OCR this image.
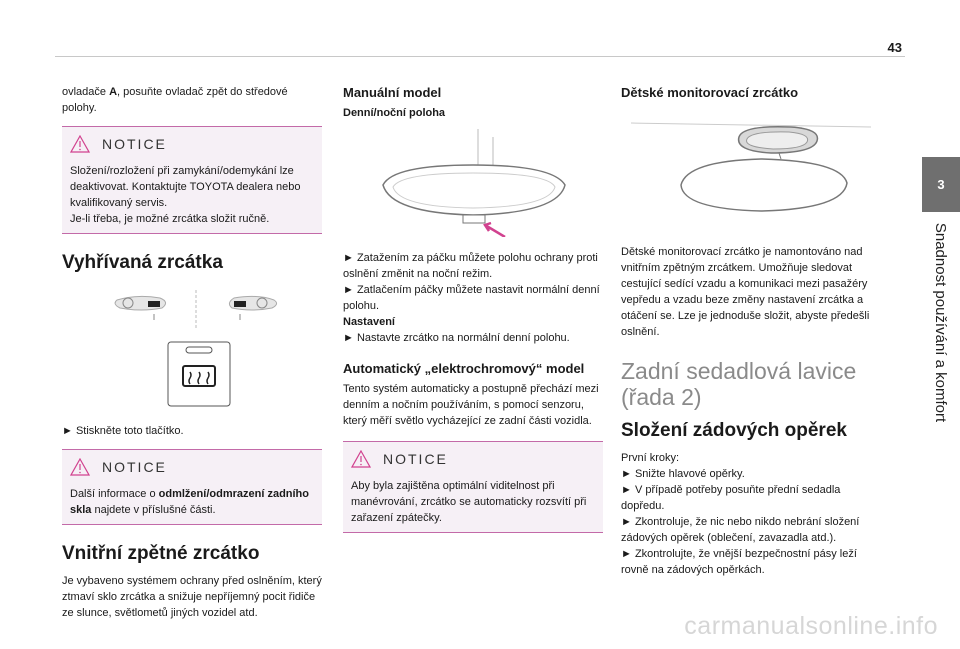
43
3
Snadnost používání a komfort

ovladače A, posuňte ovladač zpět do středové polohy.

NOTICE
Složení/rozložení při zamykání/odemykání lze deaktivovat. Kontaktujte TOYOTA dealera nebo kvalifikovaný servis.
Je-li třeba, je možné zrcátka složit ručně.
Vyhřívaná zrcátka

► Stiskněte toto tlačítko.

NOTICE
Další informace o odmlžení/odmrazení zadního skla najdete v příslušné části.
Vnitřní zpětné zrcátko

Je vybaveno systémem ochrany před oslněním, který ztmaví sklo zrcátka a snižuje nepříjemný pocit řidiče ze slunce, světlometů jiných vozidel atd.

Manuální model
Denní/noční poloha

► Zatažením za páčku můžete polohu ochrany proti oslnění změnit na noční režim.

► Zatlačením páčky můžete nastavit normální denní polohu.

Nastavení

► Nastavte zrcátko na normální denní polohu.

Automatický „elektrochromový“ model

Tento systém automaticky a postupně přechází mezi denním a nočním používáním, s pomocí senzoru, který měří světlo vycházející ze zadní části vozidla.

NOTICE
Aby byla zajištěna optimální viditelnost při manévrování, zrcátko se automaticky rozsvítí při zařazení zpátečky.
Dětské monitorovací zrcátko

Dětské monitorovací zrcátko je namontováno nad vnitřním zpětným zrcátkem. Umožňuje sledovat cestující sedící vzadu a komunikaci mezi pasažéry vepředu a vzadu beze změny nastavení zrcátka a otáčení se. Lze je jednoduše složit, abyste předešli oslnění.

Zadní sedadlová lavice (řada 2)
Složení zádových opěrek

První kroky:

► Snižte hlavové opěrky.

► V případě potřeby posuňte přední sedadla dopředu.

► Zkontroluje, že nic nebo nikdo nebrání složení zádových opěrek (oblečení, zavazadla atd.).

► Zkontrolujte, že vnější bezpečnostní pásy leží rovně na zádových opěrkách.

carmanualsonline.info
